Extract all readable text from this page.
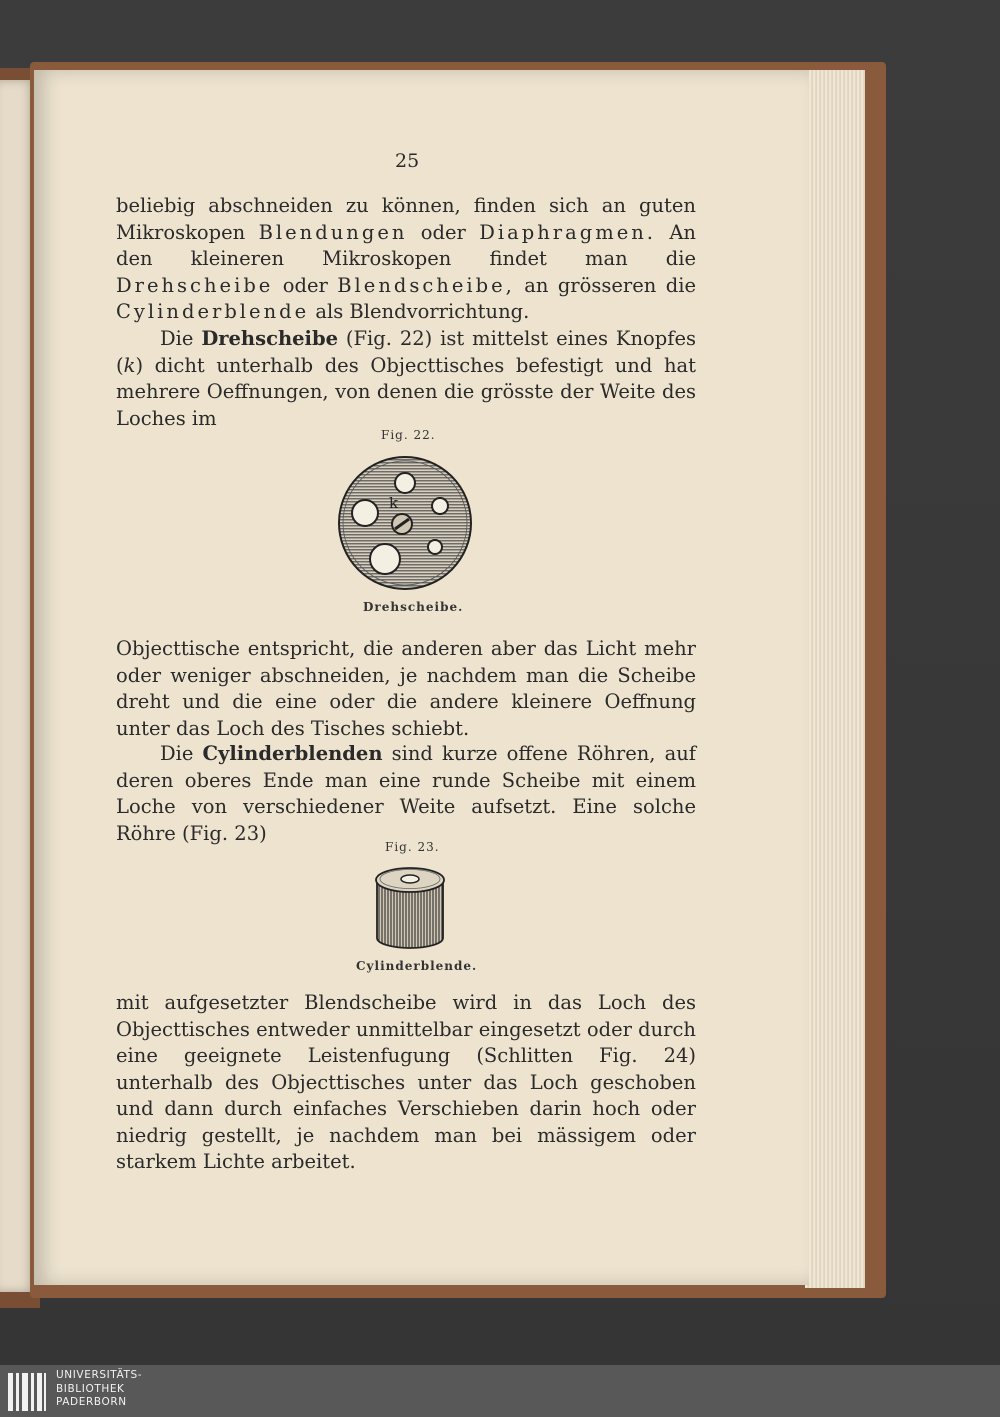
25

beliebig abschneiden zu können, finden sich an guten Mikroskopen Blendungen oder Diaphragmen. An den kleineren Mikroskopen findet man die Drehscheibe oder Blendscheibe, an grösseren die Cylinderblende als Blendvorrichtung.

Die Drehscheibe (Fig. 22) ist mittelst eines Knopfes (k) dicht unterhalb des Objecttisches befestigt und hat mehrere Oeffnungen, von denen die grösste der Weite des Loches im

Fig. 22.
k
Drehscheibe.

Objecttische entspricht, die anderen aber das Licht mehr oder weniger abschneiden, je nachdem man die Scheibe dreht und die eine oder die andere kleinere Oeffnung unter das Loch des Tisches schiebt.

Die Cylinderblenden sind kurze offene Röhren, auf deren oberes Ende man eine runde Scheibe mit einem Loche von verschiedener Weite aufsetzt. Eine solche Röhre (Fig. 23)

Fig. 23.
Cylinderblende.

mit aufgesetzter Blendscheibe wird in das Loch des Objecttisches entweder unmittelbar eingesetzt oder durch eine geeignete Leistenfugung (Schlitten Fig. 24) unterhalb des Objecttisches unter das Loch geschoben und dann durch einfaches Verschieben darin hoch oder niedrig gestellt, je nachdem man bei mässigem oder starkem Lichte arbeitet.

UNIVERSITÄTS-
BIBLIOTHEK
PADERBORN
